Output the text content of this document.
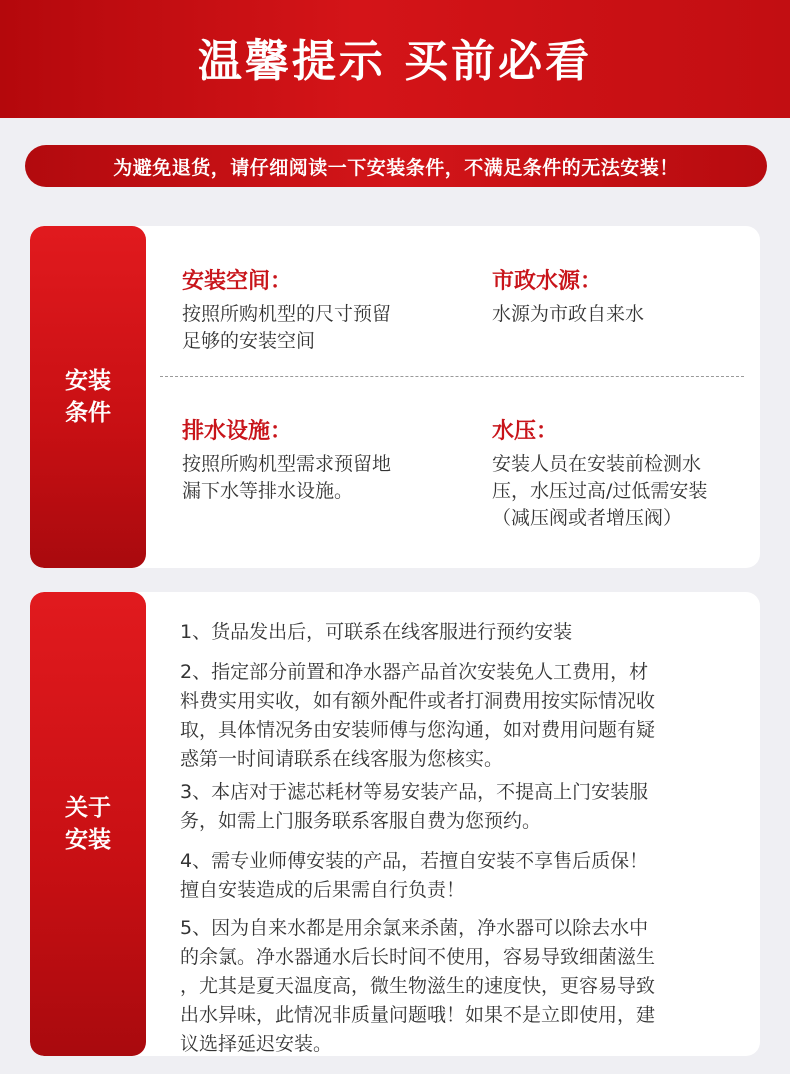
温馨提示 买前必看
为避免退货，请仔细阅读一下安装条件，不满足条件的无法安装！
安装
条件
安装空间：
按照所购机型的尺寸预留
足够的安装空间
市政水源：
水源为市政自来水
排水设施：
按照所购机型需求预留地
漏下水等排水设施。
水压：
安装人员在安装前检测水
压，水压过高/过低需安装
（减压阀或者增压阀）
关于
安装
1、货品发出后，可联系在线客服进行预约安装
2、指定部分前置和净水器产品首次安装免人工费用，材
料费实用实收，如有额外配件或者打洞费用按实际情况收
取，具体情况务由安装师傅与您沟通，如对费用问题有疑
惑第一时间请联系在线客服为您核实。
3、本店对于滤芯耗材等易安装产品，不提高上门安装服
务，如需上门服务联系客服自费为您预约。
4、需专业师傅安装的产品，若擅自安装不享售后质保！
擅自安装造成的后果需自行负责！
5、因为自来水都是用余氯来杀菌，净水器可以除去水中
的余氯。净水器通水后长时间不使用，容易导致细菌滋生
，尤其是夏天温度高，微生物滋生的速度快，更容易导致
出水异味，此情况非质量问题哦！如果不是立即使用，建
议选择延迟安装。
